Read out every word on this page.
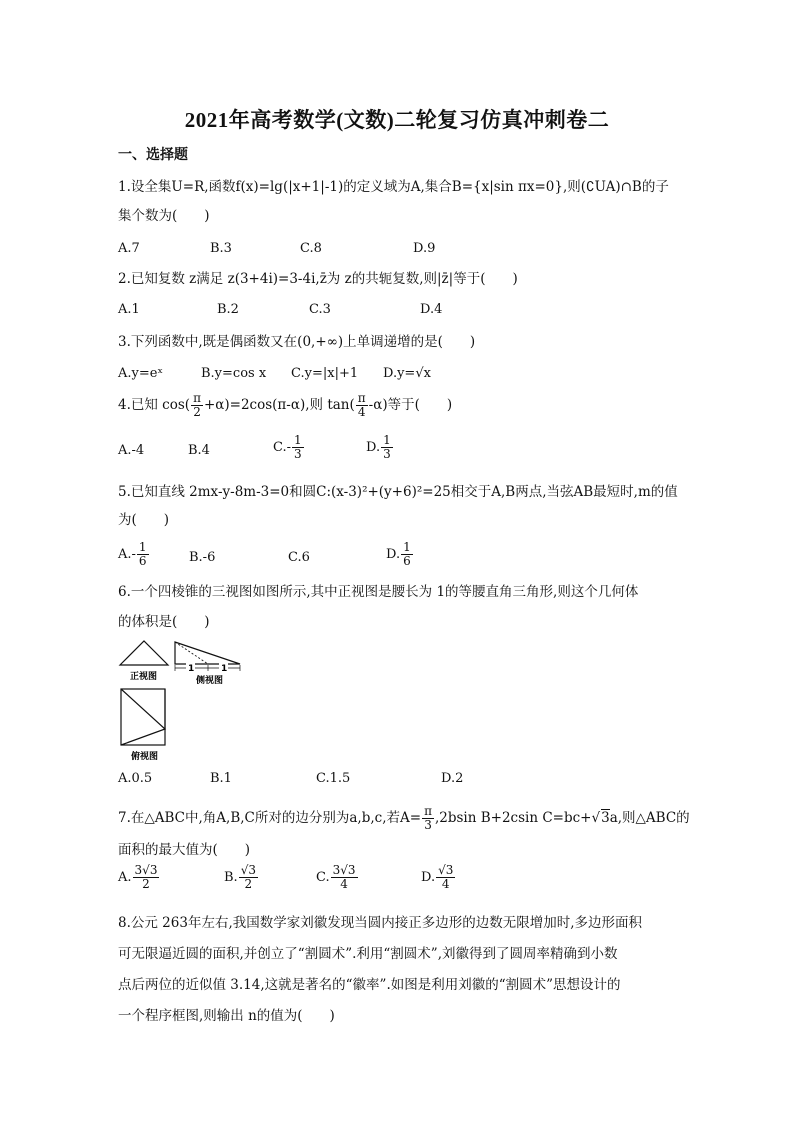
2021年高考数学(文数)二轮复习仿真冲刺卷二
一、选择题
1.设全集U=R,函数f(x)=lg(|x+1|-1)的定义域为A,集合B={x|sin πx=0},则(∁UA)∩B的子
集个数为(　　)
A.7	B.3	C.8	D.9
2.已知复数 z满足 z(3+4i)=3-4i,z̄为 z的共轭复数,则|z̄|等于(　　)
A.1	B.2	C.3	D.4
3.下列函数中,既是偶函数又在(0,+∞)上单调递增的是(　　)
A.y=eˣ	B.y=cos x C.y=|x|+1 D.y=√x
4.已知 $\cos( \frac{\pi}{2} +\alpha)=2\cos(\pi-\alpha)$,则 $\tan( \frac{\pi}{4} -\alpha)$等于(　　)
A.-4	B.4	$C.- \frac{1}{3}$	D. $\frac{1}{3}$
5.已知直线 2mx-y-8m-3=0和圆C:(x-3)²+(y+6)²=25相交于A,B两点,当弦AB最短时,m的值
为(　　)
$A.- \frac{1}{6}$	B.-6	C.6	D. $\frac{1}{6}$
6.一个四棱锥的三视图如图所示,其中正视图是腰长为 1的等腰直角三角形,则这个几何体
的体积是(　　)
正视图
1	1
侧视图
俯视图
A.0.5	B.1	C.1.5	D.2
7.在△ABC中,角A,B,C所对的边分别为a,b,c,若$A= \frac{\pi}{3} ,2bsin$ B+2csin C=bc+√3a,则△ABC的
面积的最大值为(　　)
A. $\frac{3√3}{2}$	B. $\frac{√3}{2}$	C. $\frac{3√3}{4}$	D. $\frac{√3}{4}$
8.公元 263年左右,我国数学家刘徽发现当圆内接正多边形的边数无限增加时,多边形面积
可无限逼近圆的面积,并创立了“割圆术”.利用“割圆术”,刘徽得到了圆周率精确到小数
点后两位的近似值 3.14,这就是著名的“徽率”.如图是利用刘徽的“割圆术”思想设计的
一个程序框图,则输出 n的值为(　　)
